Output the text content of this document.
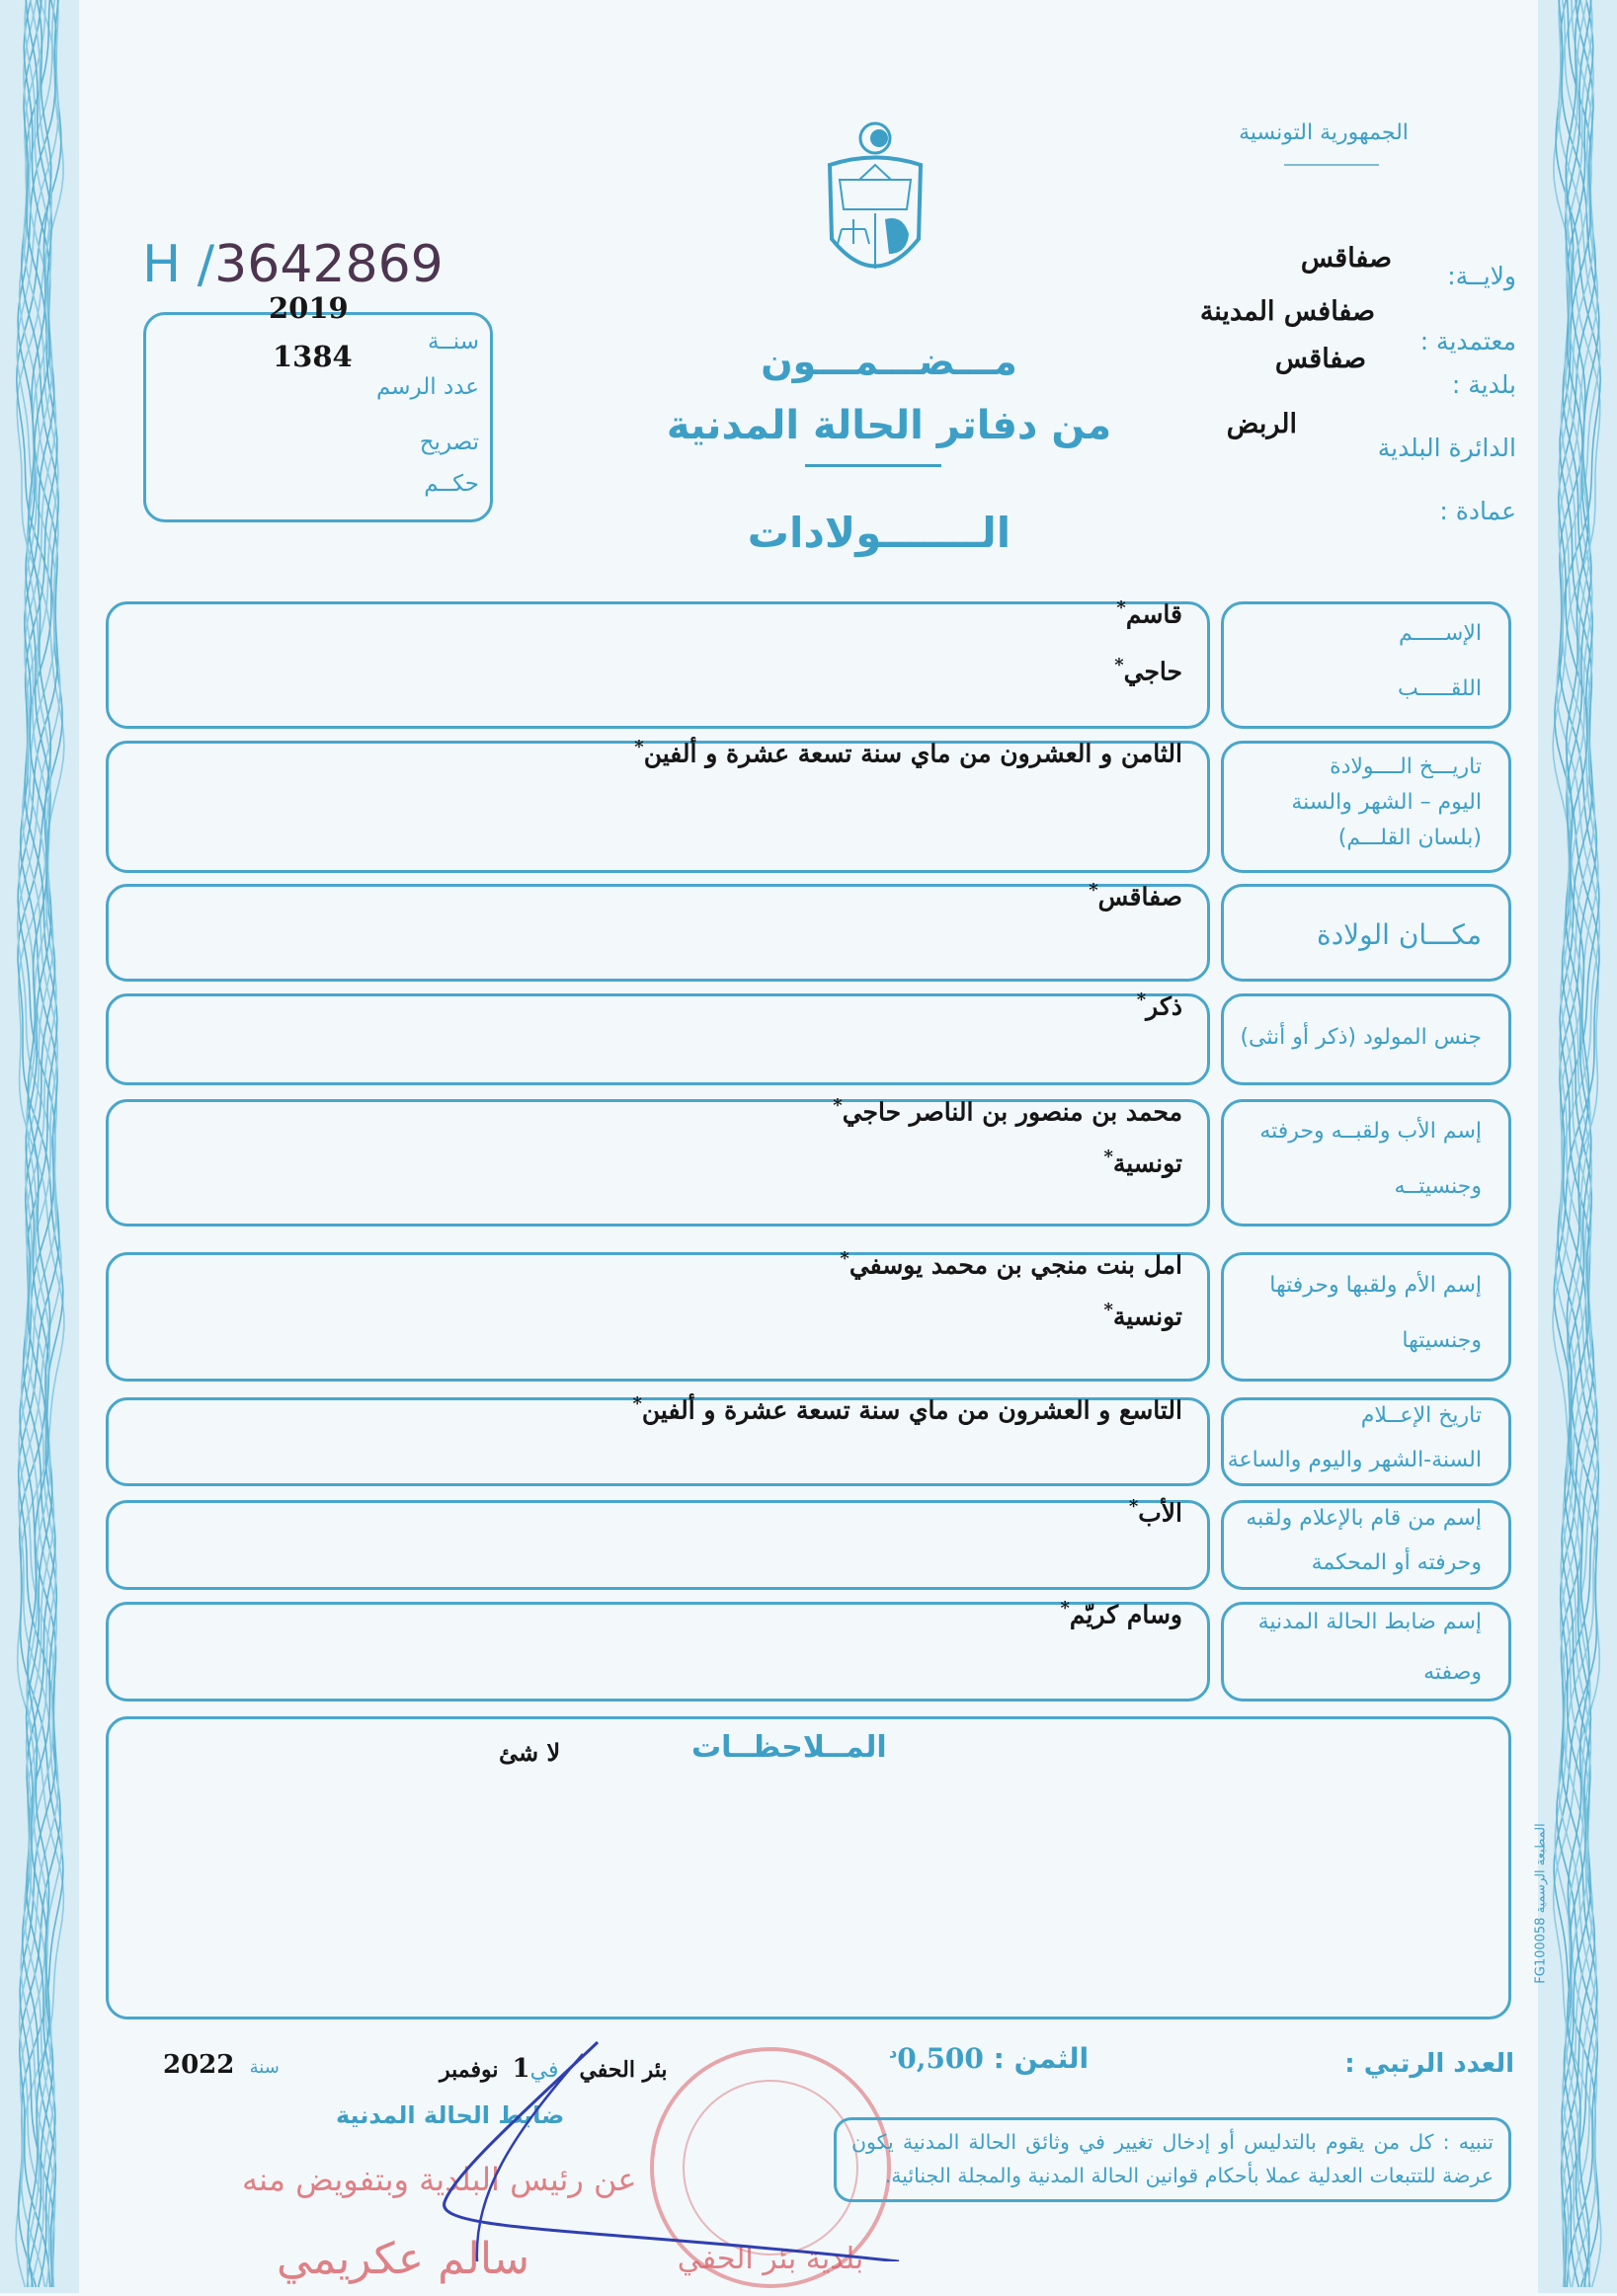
الجمهورية التونسية
H /3642869
2019
1384	سنــة
عدد الرسم
تصريح
حكــم
مـــضـــمـــون
من دفاتر الحالة المدنية
الـــــــولادات
ولايــة:
معتمدية :
بلدية :
الدائرة البلدية
عمادة :
صفاقس
صفافس المدينة
صفاقس
الربض
الإســـــم
اللقـــــب
قاسم*
حاجي*
تاريـــخ الــــولادة
اليوم – الشهر والسنة
(بلسان القلـــم)
الثامن و العشرون من ماي سنة تسعة عشرة و ألفين*
مكـــان الولادة
صفاقس*
جنس المولود (ذكر أو أنثى)
ذكر*
إسم الأب ولقبــه وحرفته
وجنسيتــه
محمد بن منصور بن الناصر حاجي*
تونسية*
إسم الأم ولقبها وحرفتها
وجنسيتها
امل بنت منجي بن محمد يوسفي*
تونسية*
تاريخ الإعــلام
السنة-الشهر واليوم والساعة
التاسع و العشرون من ماي سنة تسعة عشرة و ألفين*
إسم من قام بالإعلام ولقبه
وحرفته أو المحكمة
الأب*
إسم ضابط الحالة المدنية
وصفته
وسام كريّم*
المــلاحظــات
لا شئ
المطبعة الرسمية FG100058
العدد الرتبي :
الثمن : $0,500^د$
بئر الحفي   في1  نوفمبر
سنة   2022
ضابط الحالة المدنية
بلدية بئر الحفي
عن رئيس البلدية وبتفويض منه
سالم عكريمي
تنبيه : كل من يقوم بالتدليس أو إدخال تغيير في وثائق الحالة المدنية يكون عرضة للتتبعات العدلية عملا بأحكام قوانين الحالة المدنية والمجلة الجنائية.
